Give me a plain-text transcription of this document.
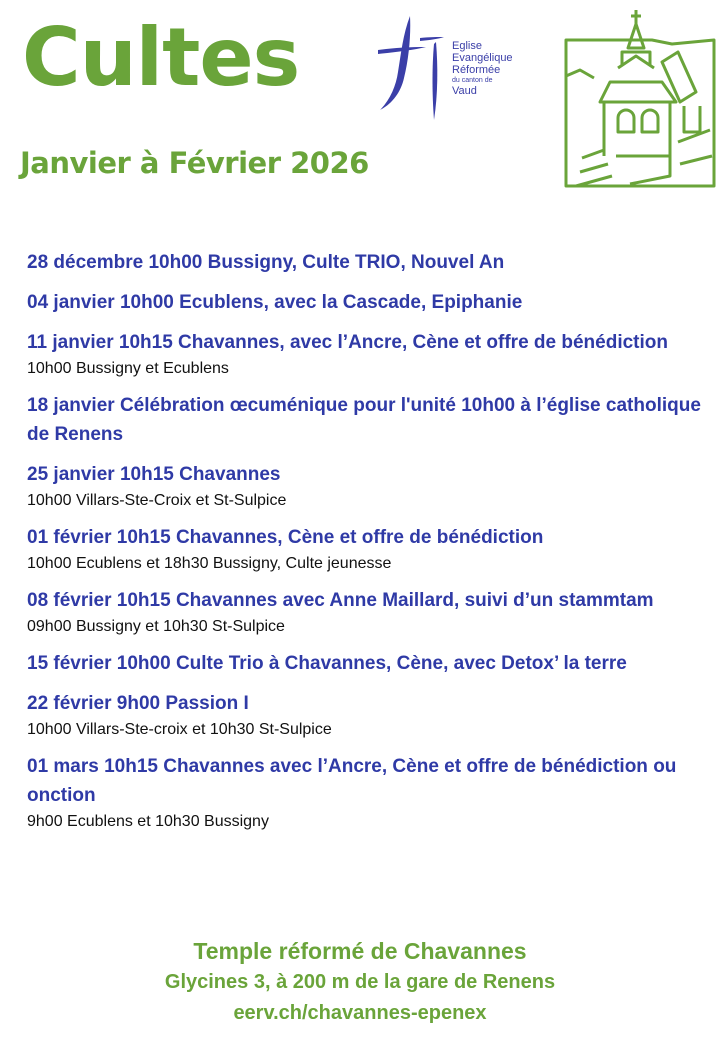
Cultes
Janvier à Février 2026
Eglise
Evangélique
Réformée
du canton de
Vaud
28 décembre 10h00 Bussigny, Culte TRIO, Nouvel An
04 janvier 10h00 Ecublens, avec la Cascade, Epiphanie
11 janvier 10h15 Chavannes, avec l’Ancre, Cène et offre de bénédiction
10h00 Bussigny et Ecublens
18 janvier Célébration œcuménique pour l'unité 10h00 à l’église catholique de Renens
25 janvier 10h15 Chavannes
10h00 Villars-Ste-Croix et St-Sulpice
01 février 10h15 Chavannes, Cène et offre de bénédiction
10h00 Ecublens et 18h30 Bussigny, Culte jeunesse
08 février 10h15 Chavannes avec Anne Maillard, suivi d’un stammtam
09h00 Bussigny et 10h30 St-Sulpice
15 février 10h00 Culte Trio à Chavannes, Cène, avec Detox’ la terre
22 février 9h00 Passion I
10h00 Villars-Ste-croix et 10h30 St-Sulpice
01 mars 10h15 Chavannes avec l’Ancre, Cène et offre de bénédiction ou onction
9h00 Ecublens et 10h30 Bussigny
Temple réformé de Chavannes
Glycines 3, à 200 m de la gare de Renens
eerv.ch/chavannes-epenex
